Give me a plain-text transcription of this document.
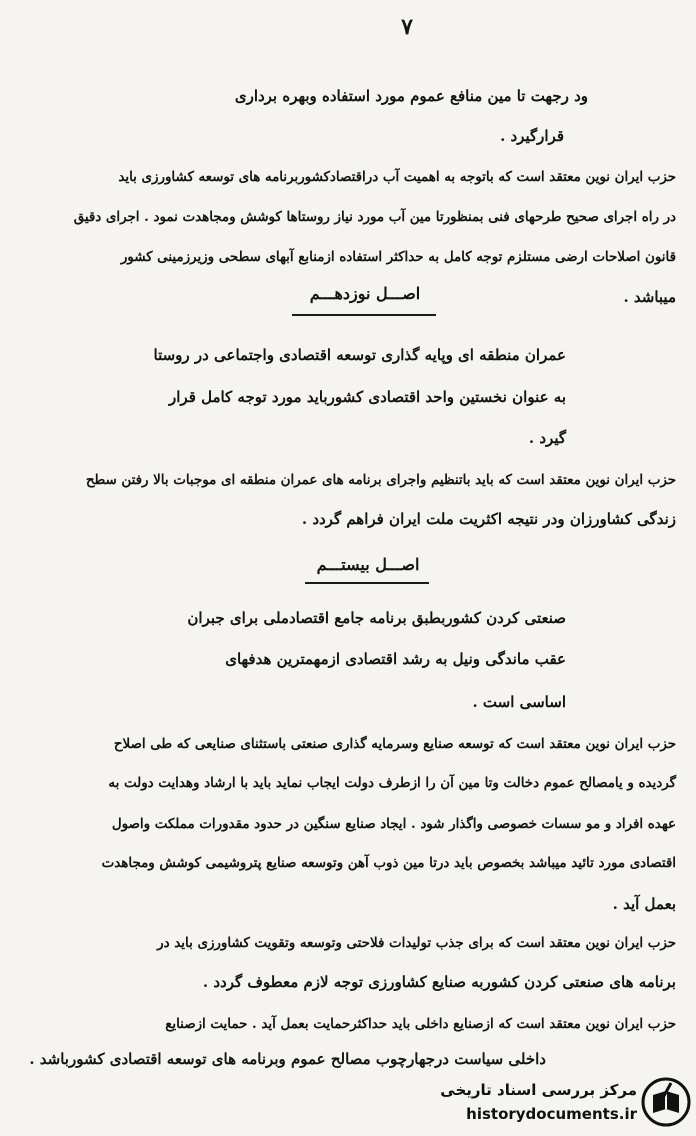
۷
ود رجهت تا مین منافع عموم مورد استفاده وبهره برداری
قرارگیرد .
حزب ایران نوین معتقد است که باتوجه به اهمیت آب دراقتصادکشوربرنامه های توسعه کشاورزی باید
در راه اجرای صحیح طرحهای فنی بمنظورتا مین آب مورد نیاز روستاها کوشش ومجاهدت نمود . اجرای دقیق
قانون اصلاحات ارضی مستلزم توجه کامل به حداکثر استفاده ازمنابع آبهای سطحی وزیرزمینی کشور
میباشد .
اصـــل نوزدهـــم
عمران منطقه ای وپایه گذاری توسعه اقتصادی واجتماعی در روستا
به عنوان نخستین واحد اقتصادی کشورباید مورد توجه کامل قرار
گیرد .
حزب ایران نوین معتقد است که باید باتنظیم واجرای برنامه های عمران منطقه ای موجبات بالا رفتن سطح
زندگی کشاورزان ودر نتیجه اکثریت ملت ایران فراهم گردد .
اصـــل بیستـــم
صنعتی کردن کشوربطبق برنامه جامع اقتصادملی برای جبران
عقب ماندگی ونیل به رشد اقتصادی ازمهمترین هدفهای
اساسی است .
حزب ایران نوین معتقد است که توسعه صنایع وسرمایه گذاری صنعتی باستثنای صنایعی که طی اصلاح
گردیده و یامصالح عموم دخالت وتا مین آن را ازطرف دولت ایجاب نماید باید با ارشاد وهدایت دولت به
عهده افراد و مو سسات خصوصی واگذار شود . ایجاد صنایع سنگین در حدود مقدورات مملکت واصول
اقتصادی مورد تائید میباشد بخصوص باید درتا مین ذوب آهن وتوسعه صنایع پتروشیمی کوشش ومجاهدت
بعمل آید .
حزب ایران نوین معتقد است که برای جذب تولیدات فلاحتی وتوسعه وتقویت کشاورزی باید در
برنامه های صنعتی کردن کشوربه صنایع کشاورزی توجه لازم معطوف گردد .
حزب ایران نوین معتقد است که ازصنایع داخلی باید حداکثرحمایت بعمل آید . حمایت ازصنایع
داخلی سیاست درجهارچوب مصالح عموم وبرنامه های توسعه اقتصادی کشورباشد .
مرکز بررسی اسناد تاریخی
historydocuments.ir
